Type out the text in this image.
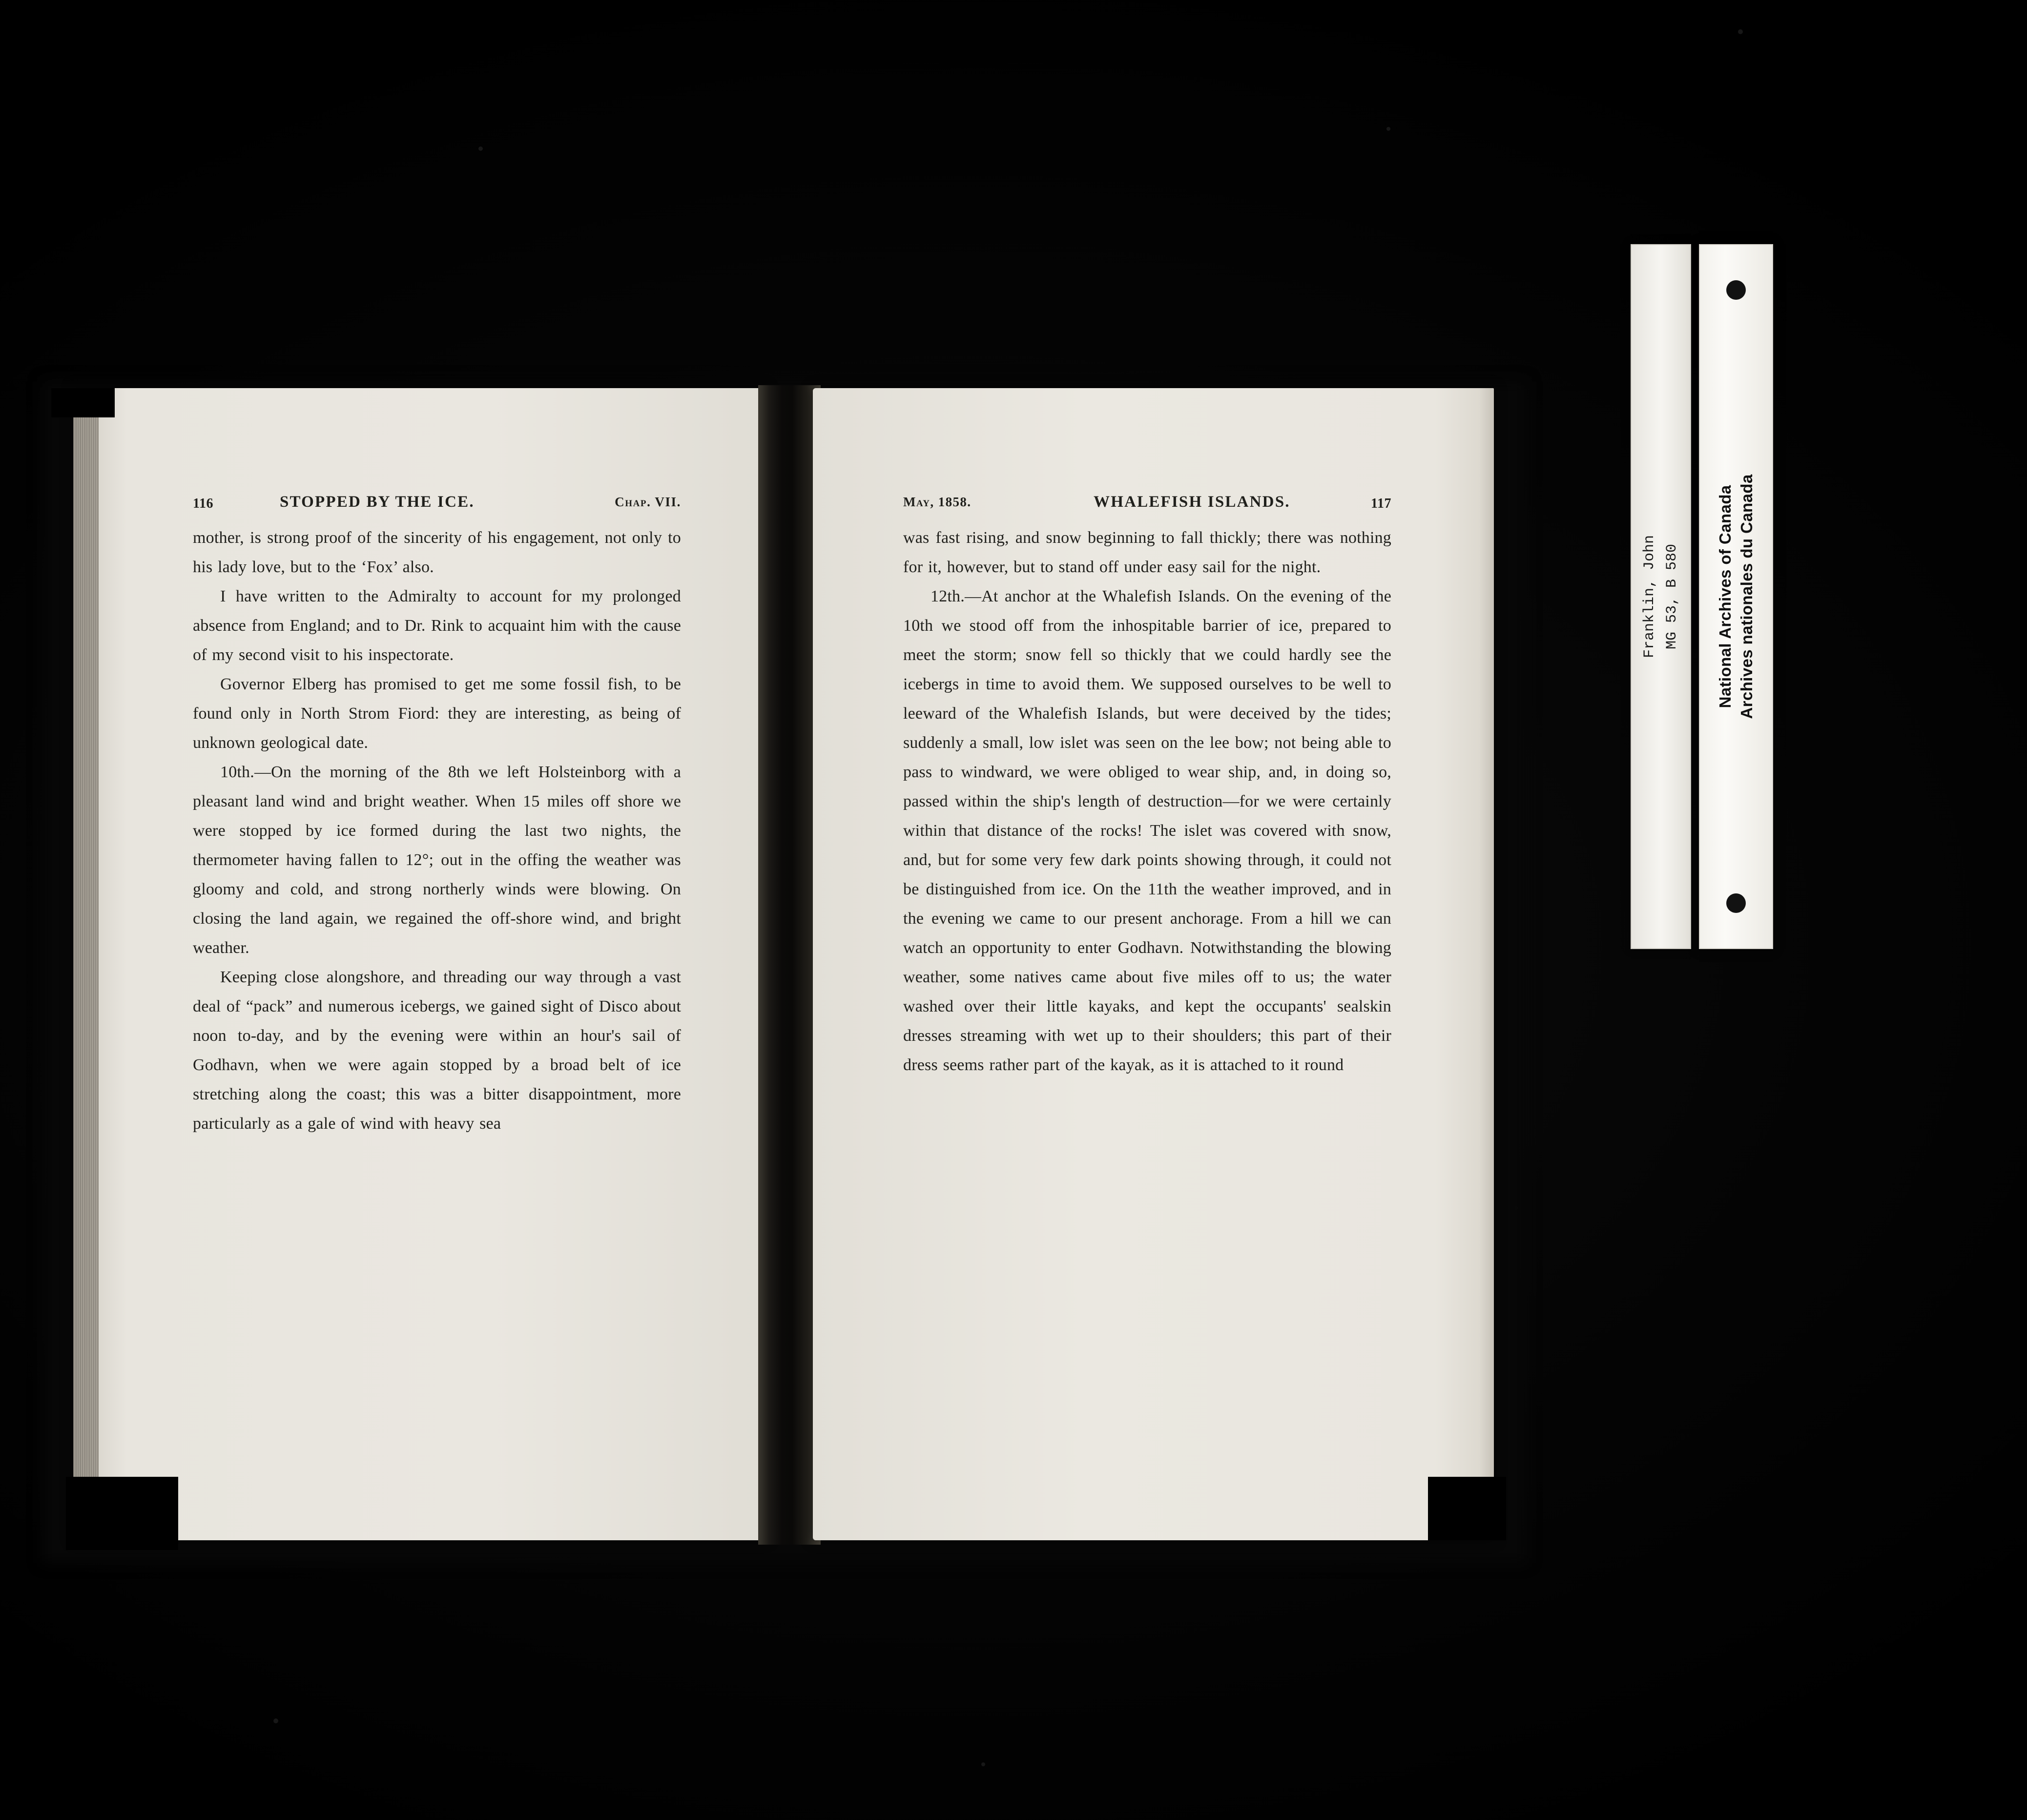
116	STOPPED BY THE ICE.	Chap. VII.

mother, is strong proof of the sincerity of his engagement, not only to his lady love, but to the ‘Fox’ also.

I have written to the Admiralty to account for my prolonged absence from England; and to Dr. Rink to acquaint him with the cause of my second visit to his inspectorate.

Governor Elberg has promised to get me some fossil fish, to be found only in North Strom Fiord: they are interesting, as being of unknown geological date.

10th.—On the morning of the 8th we left Holsteinborg with a pleasant land wind and bright weather. When 15 miles off shore we were stopped by ice formed during the last two nights, the thermometer having fallen to 12°; out in the offing the weather was gloomy and cold, and strong northerly winds were blowing. On closing the land again, we regained the off-shore wind, and bright weather.

Keeping close alongshore, and threading our way through a vast deal of “pack” and numerous icebergs, we gained sight of Disco about noon to-day, and by the evening were within an hour's sail of Godhavn, when we were again stopped by a broad belt of ice stretching along the coast; this was a bitter disappointment, more particularly as a gale of wind with heavy sea

May, 1858.	WHALEFISH ISLANDS.	117

was fast rising, and snow beginning to fall thickly; there was nothing for it, however, but to stand off under easy sail for the night.

12th.—At anchor at the Whalefish Islands. On the evening of the 10th we stood off from the inhospitable barrier of ice, prepared to meet the storm; snow fell so thickly that we could hardly see the icebergs in time to avoid them. We supposed ourselves to be well to leeward of the Whalefish Islands, but were deceived by the tides; suddenly a small, low islet was seen on the lee bow; not being able to pass to windward, we were obliged to wear ship, and, in doing so, passed within the ship's length of destruction—for we were certainly within that distance of the rocks! The islet was covered with snow, and, but for some very few dark points showing through, it could not be distinguished from ice. On the 11th the weather improved, and in the evening we came to our present anchorage. From a hill we can watch an opportunity to enter Godhavn. Notwithstanding the blowing weather, some natives came about five miles off to us; the water washed over their little kayaks, and kept the occupants' sealskin dresses streaming with wet up to their shoulders; this part of their dress seems rather part of the kayak, as it is attached to it round

Franklin, John MG 53, B 580 National Archives of Canada Archives nationales du Canada
